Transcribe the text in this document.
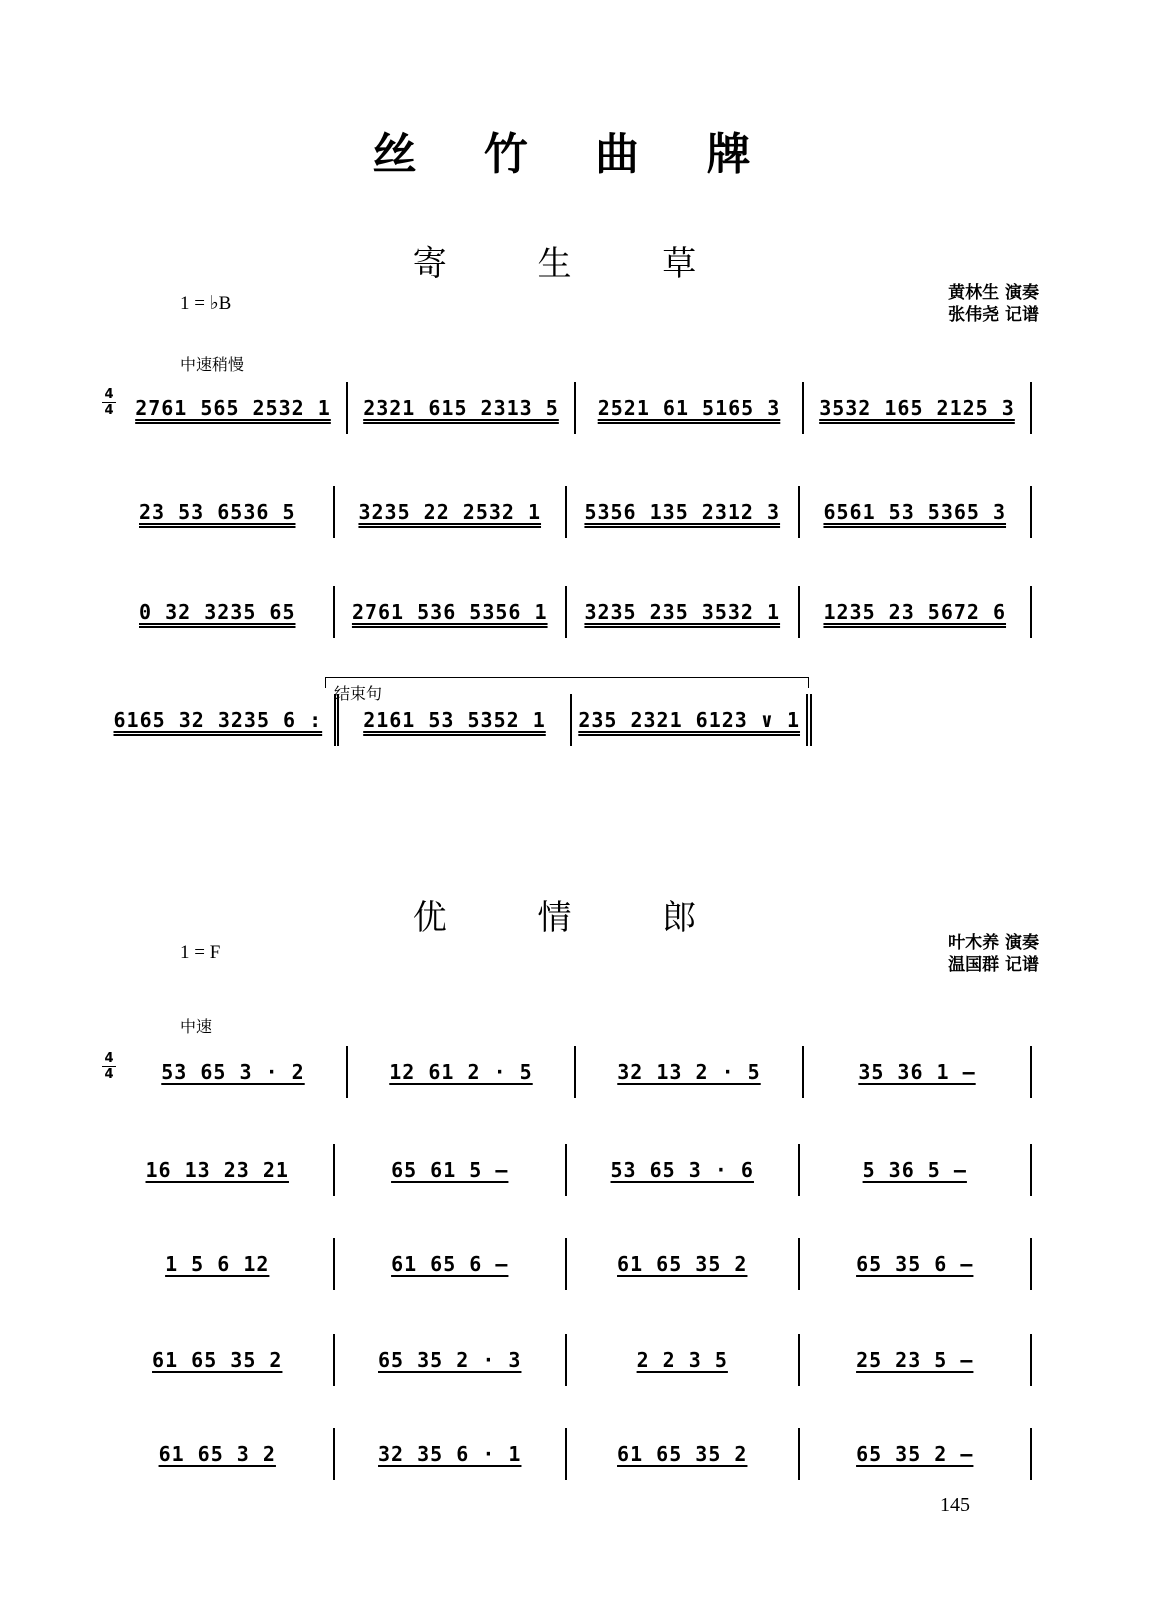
丝 竹 曲 牌
寄 生 草
1 = ♭B	黄林生 演奏
张伟尧 记谱
中速稍慢
4
4	2761 565 2532 1	2321 615 2313 5	2521 61 5165 3	3532 165 2125 3
23 53 6536 5	3235 22 2532 1	5356 135 2312 3	6561 53 5365 3
0 32 3235 65	2761 536 5356 1	3235 235 3532 1	1235 23 5672 6
结束句
6165 32 3235 6 :	2161 53 5352 1	235 2321 6123 ∨ 1
优 情 郎
1 = F	叶木养 演奏
温国群 记谱
中速
4
4	53 65 3 · 2	12 61 2 · 5	32 13 2 · 5	35 36 1 —
16 13 23 21	65 61 5 —	53 65 3 · 6	5 36 5 —
1 5 6 12	61 65 6 —	61 65 35 2	65 35 6 —
61 65 35 2	65 35 2 · 3	2 2 3 5	25 23 5 —
61 65 3 2	32 35 6 · 1	61 65 35 2	65 35 2 —
145
